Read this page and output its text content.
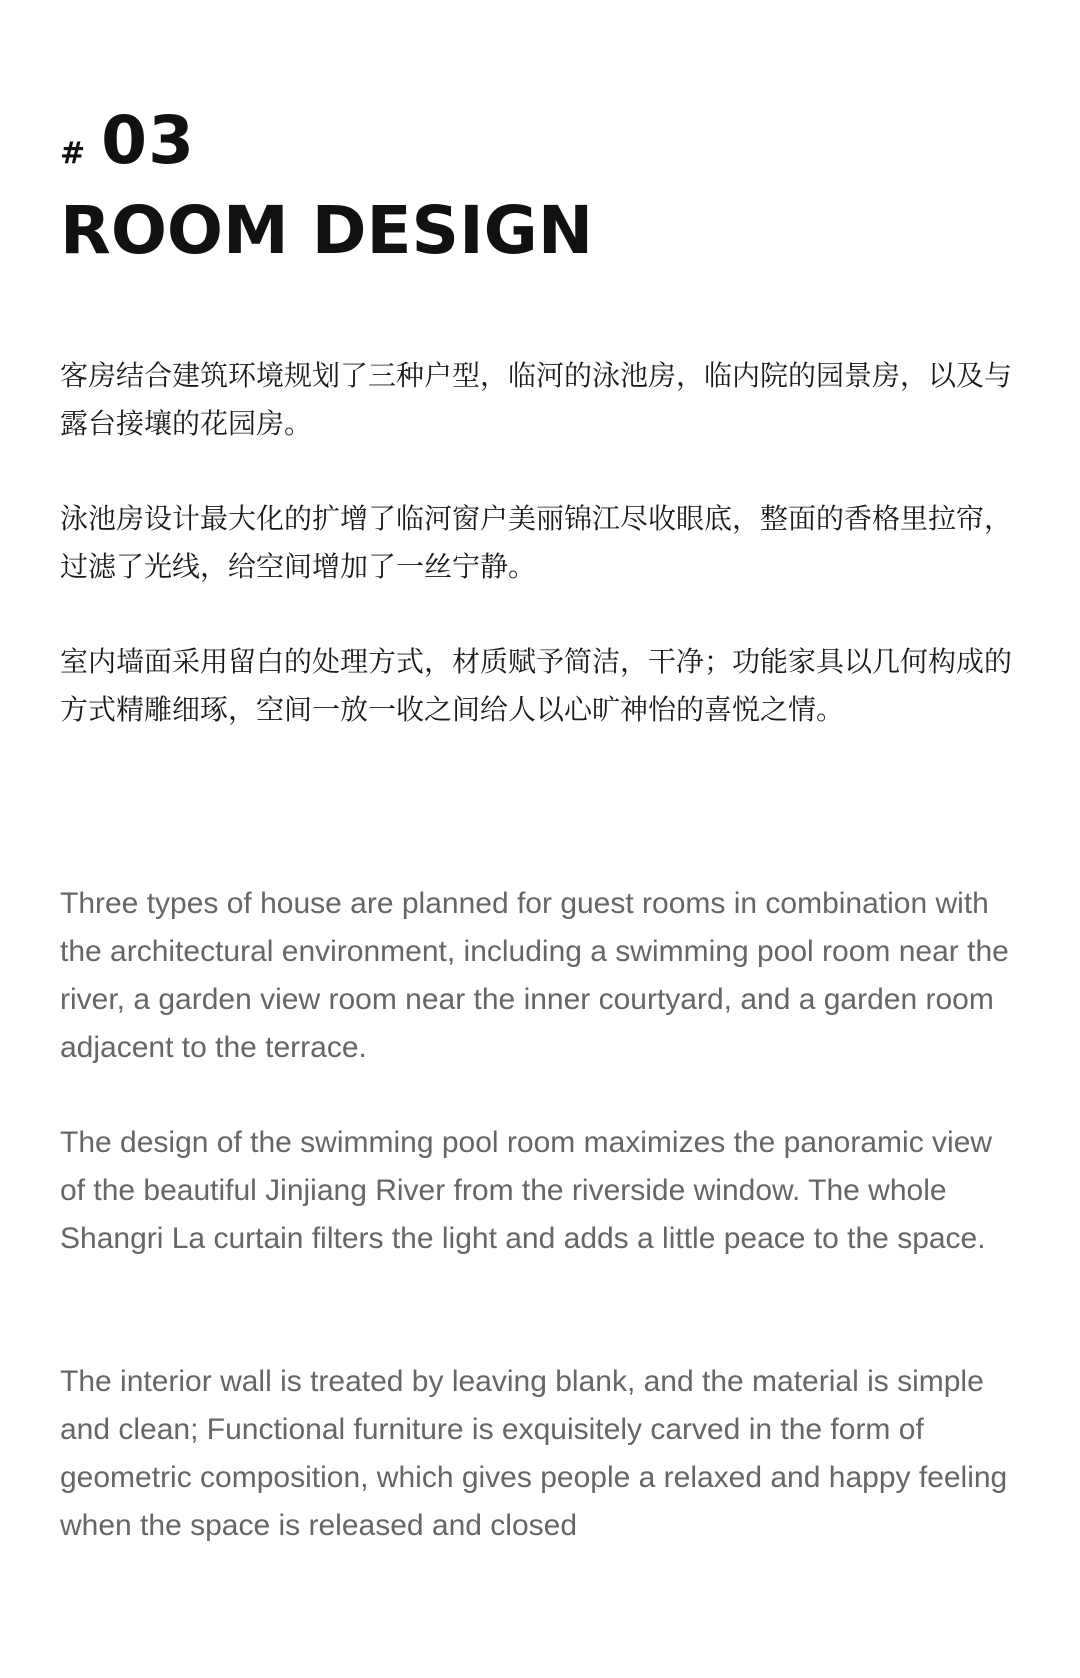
# 03
ROOM DESIGN

客房结合建筑环境规划了三种户型，临河的泳池房，临内院的园景房，以及与露台接壤的花园房。

泳池房设计最大化的扩增了临河窗户美丽锦江尽收眼底，整面的香格里拉帘，过滤了光线，给空间增加了一丝宁静。

室内墙面采用留白的处理方式，材质赋予简洁，干净；功能家具以几何构成的方式精雕细琢，空间一放一收之间给人以心旷神怡的喜悦之情。

Three types of house are planned for guest rooms in combination with the architectural environment, including a swimming pool room near the river, a garden view room near the inner courtyard, and a garden room adjacent to the terrace.

The design of the swimming pool room maximizes the panoramic view of the beautiful Jinjiang River from the riverside window. The whole Shangri La curtain filters the light and adds a little peace to the space.

The interior wall is treated by leaving blank, and the material is simple and clean; Functional furniture is exquisitely carved in the form of geometric composition, which gives people a relaxed and happy feeling when the space is released and closed
